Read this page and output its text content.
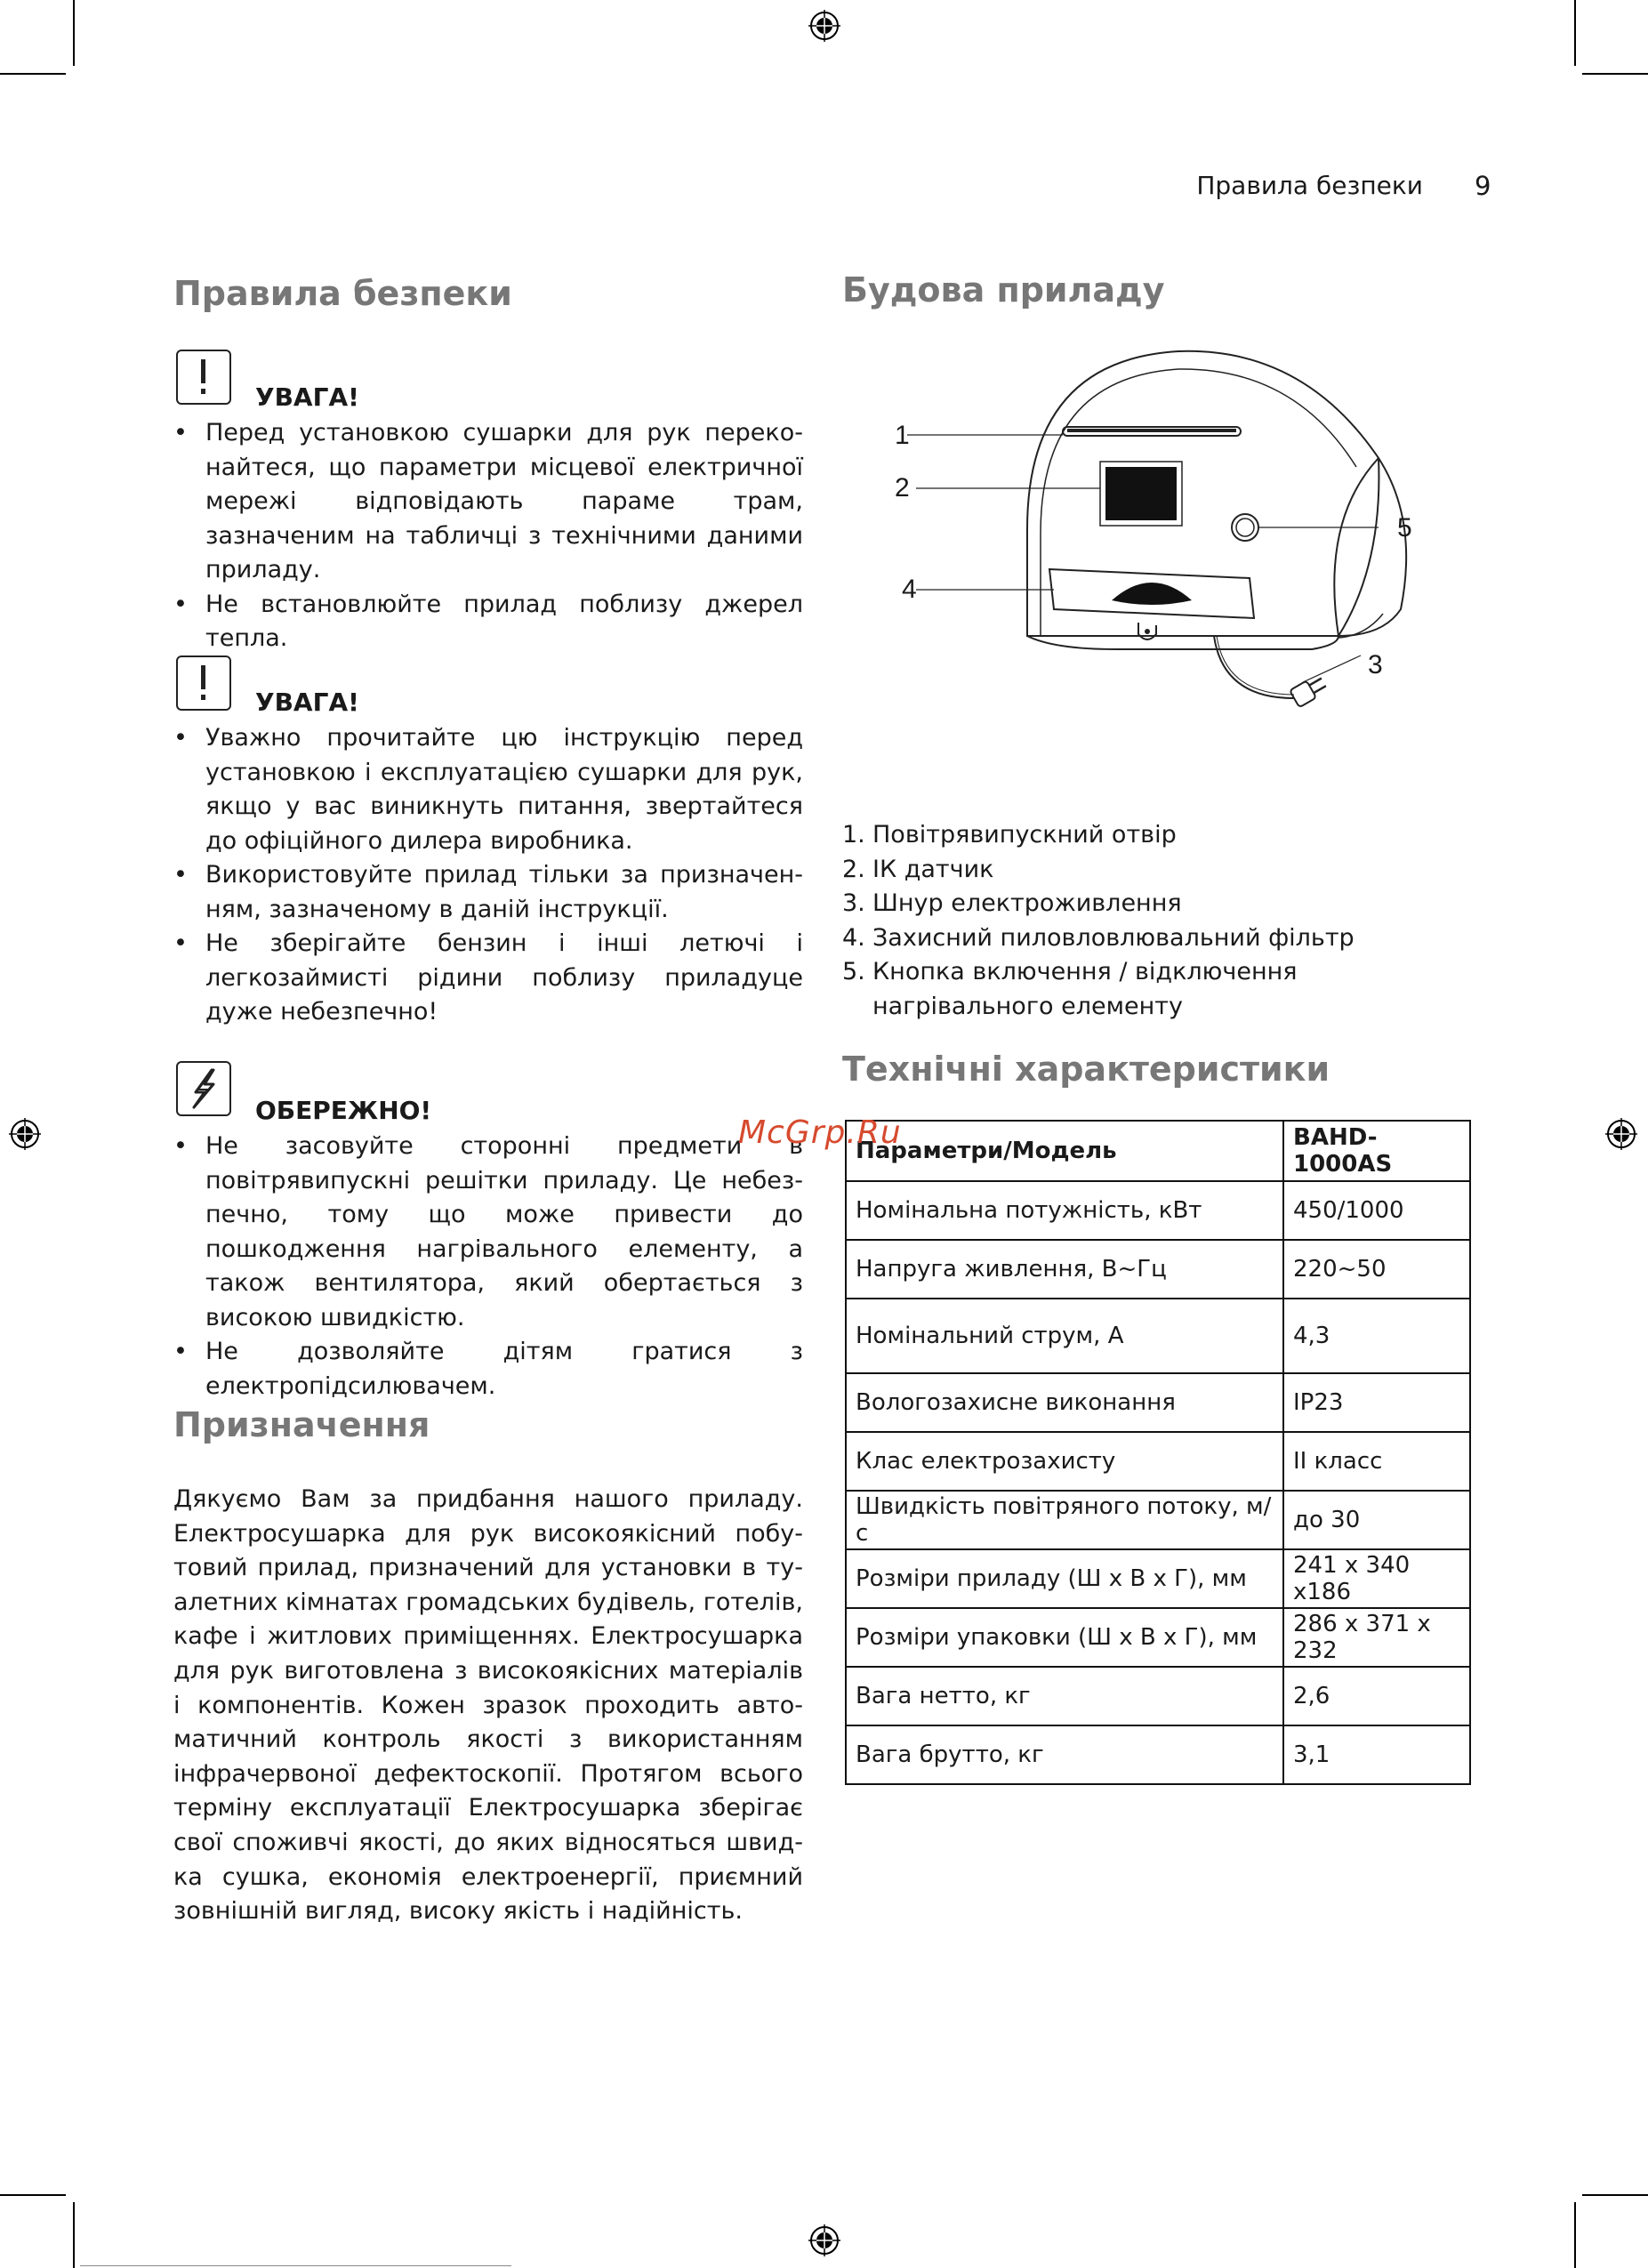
Правила безпеки 9
Правила безпеки
УВАГА!
• Перед установкою сушарки для рук переконайтеся, що параметри місцевої електричної мережі відповідають параме трам, зазначеним на табличці з технічними даними приладу.
• Не встановлюйте прилад поблизу джерел тепла.
УВАГА!
• Уважно прочитайте цю інструкцію перед установкою і експлуатацією сушарки для рук, якщо у вас виникнуть питання, звертайтеся до офіційного дилера виробника.
• Використовуйте прилад тільки за призначенням, зазначеному в даній інструкції.
• Не зберігайте бензин і інші летючі і легкозаймисті рідини поблизу приладуце дуже небезпечно!
ОБЕРЕЖНО!
• Не засовуйте сторонні предмети в повітрявипускні решітки приладу. Це небезпечно, тому що може привести до пошкодження нагрівального елементу, а також вентилятора, який обертається з високою швидкістю.
• Не дозволяйте дітям гратися з електропідсилювачем.
Призначення

Дякуємо Вам за придбання нашого приладу. Електросушарка для рук високоякісний побутовий прилад, призначений для установки в туалетних кімнатах громадських будівель, готелів, кафе і житлових приміщеннях. Електросушарка для рук виготовлена з високоякісних матеріалів і компонентів. Кожен зразок проходить автоматичний контроль якості з використанням інфрачервоної дефектоскопії. Протягом всього терміну експлуатації Електросушарка зберігає свої споживчі якості, до яких відносяться швидка сушка, економія електроенергії, приємний зовнішній вигляд, високу якість і надійність.

Будова приладу
1
2
3
4
5
1. Повітрявипускний отвір
2. ІК датчик
3. Шнур електроживлення
4. Захисний пиловловлювальний фільтр
5. Кнопка включення / відключення нагрівального елементу
Технічні характеристики
Параметри/Модель	BAHD-1000AS
Номінальна потужність, кВт	450/1000
Напруга живлення, В~Гц	220~50
Номінальний струм, А	4,3
Вологозахисне виконання	IP23
Клас електрозахисту	II класс
Швидкість повітряного потоку, м/с	до 30
Розміри приладу (Ш х В х Г), мм	241 x 340 x186
Розміри упаковки (Ш х В х Г), мм	286 x 371 x 232
Вага нетто, кг	2,6
Вага брутто, кг	3,1
McGrp.Ru
